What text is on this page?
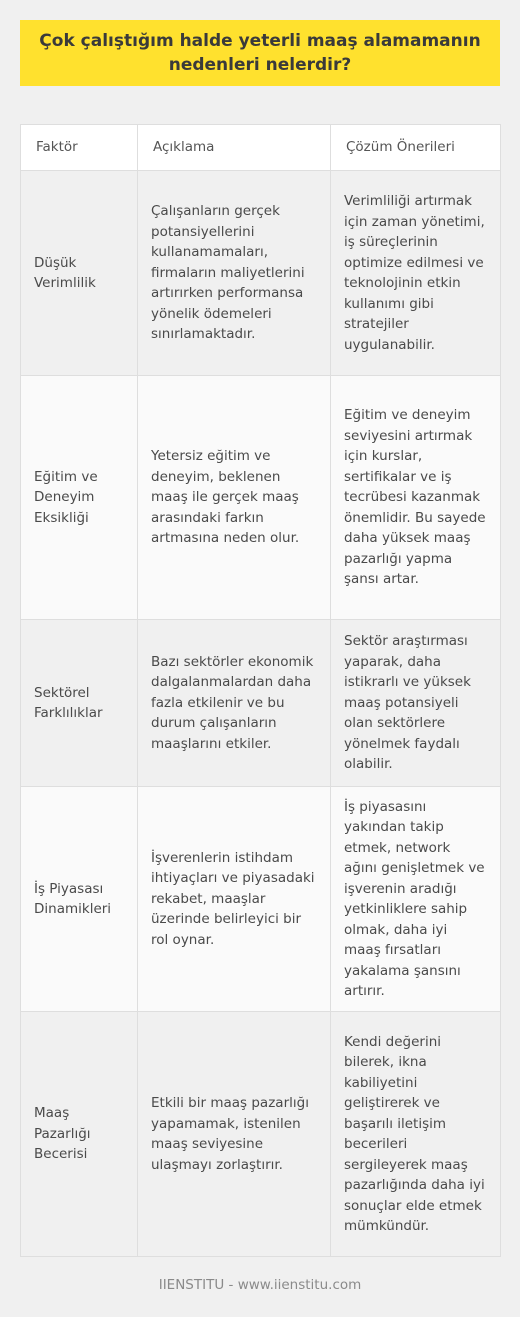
Çok çalıştığım halde yeterli maaş alamamanın nedenleri nelerdir?
Faktör	Açıklama	Çözüm Önerileri
Düşük Verimlilik	Çalışanların gerçek potansiyellerini kullanamamaları, firmaların maliyetlerini artırırken performansa yönelik ödemeleri sınırlamaktadır.	Verimliliği artırmak için zaman yönetimi, iş süreçlerinin optimize edilmesi ve teknolojinin etkin kullanımı gibi stratejiler uygulanabilir.
Eğitim ve Deneyim Eksikliği	Yetersiz eğitim ve deneyim, beklenen maaş ile gerçek maaş arasındaki farkın artmasına neden olur.	Eğitim ve deneyim seviyesini artırmak için kurslar, sertifikalar ve iş tecrübesi kazanmak önemlidir. Bu sayede daha yüksek maaş pazarlığı yapma şansı artar.
Sektörel Farklılıklar	Bazı sektörler ekonomik dalgalanmalardan daha fazla etkilenir ve bu durum çalışanların maaşlarını etkiler.	Sektör araştırması yaparak, daha istikrarlı ve yüksek maaş potansiyeli olan sektörlere yönelmek faydalı olabilir.
İş Piyasası Dinamikleri	İşverenlerin istihdam ihtiyaçları ve piyasadaki rekabet, maaşlar üzerinde belirleyici bir rol oynar.	İş piyasasını yakından takip etmek, network ağını genişletmek ve işverenin aradığı yetkinliklere sahip olmak, daha iyi maaş fırsatları yakalama şansını artırır.
Maaş Pazarlığı Becerisi	Etkili bir maaş pazarlığı yapamamak, istenilen maaş seviyesine ulaşmayı zorlaştırır.	Kendi değerini bilerek, ikna kabiliyetini geliştirerek ve başarılı iletişim becerileri sergileyerek maaş pazarlığında daha iyi sonuçlar elde etmek mümkündür.
IIENSTITU - www.iienstitu.com
